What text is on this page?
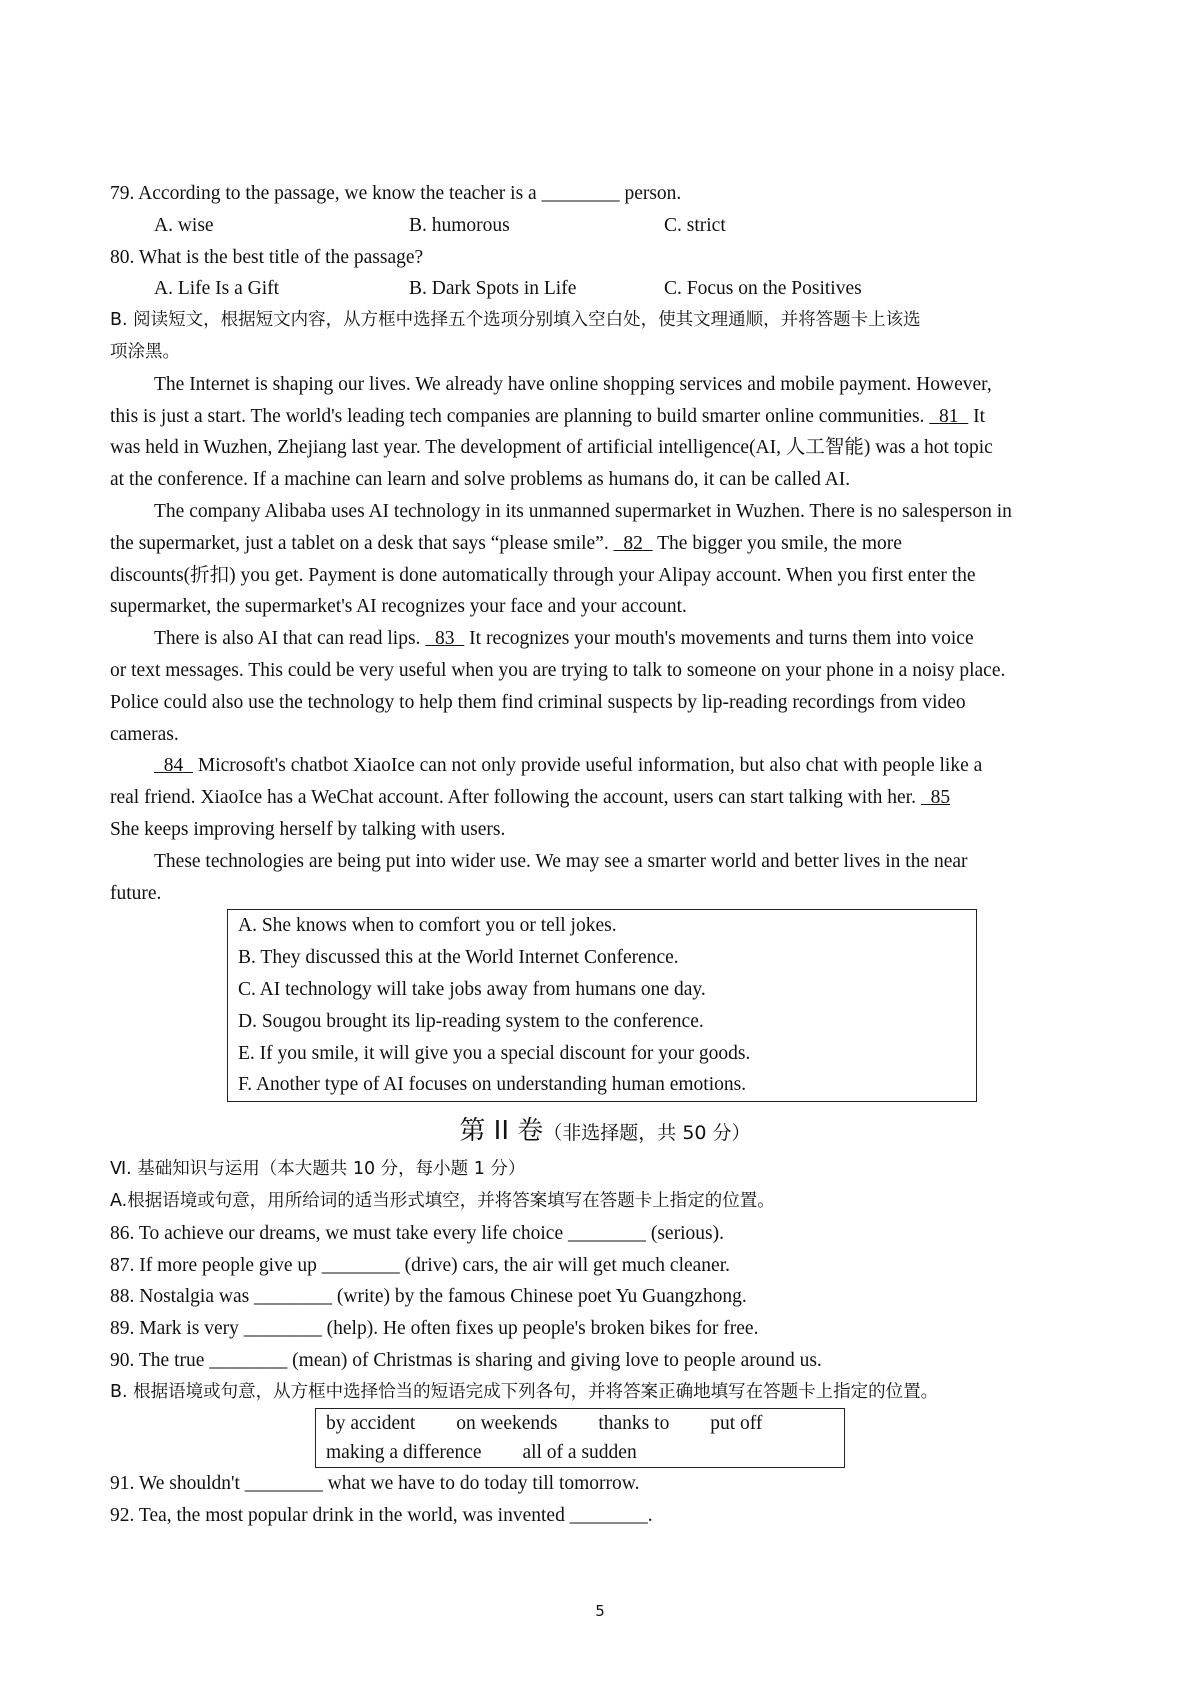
79. According to the passage, we know the teacher is a ________ person.
A. wise	B. humorous	C. strict
80. What is the best title of the passage?
A. Life Is a Gift	B. Dark Spots in Life	C. Focus on the Positives
B. 阅读短文，根据短文内容，从方框中选择五个选项分别填入空白处，使其文理通顺，并将答题卡上该选
项涂黑。
The Internet is shaping our lives. We already have online shopping services and mobile payment. However,
this is just a start. The world's leading tech companies are planning to build smarter online communities. 81 It
was held in Wuzhen, Zhejiang last year. The development of artificial intelligence(AI, 人工智能) was a hot topic
at the conference. If a machine can learn and solve problems as humans do, it can be called AI.
The company Alibaba uses AI technology in its unmanned supermarket in Wuzhen. There is no salesperson in
the supermarket, just a tablet on a desk that says “please smile”. 82 The bigger you smile, the more
discounts(折扣) you get. Payment is done automatically through your Alipay account. When you first enter the
supermarket, the supermarket's AI recognizes your face and your account.
There is also AI that can read lips. 83 It recognizes your mouth's movements and turns them into voice
or text messages. This could be very useful when you are trying to talk to someone on your phone in a noisy place.
Police could also use the technology to help them find criminal suspects by lip-reading recordings from video
cameras.
84 Microsoft's chatbot XiaoIce can not only provide useful information, but also chat with people like a
real friend. XiaoIce has a WeChat account. After following the account, users can start talking with her. 85
She keeps improving herself by talking with users.
These technologies are being put into wider use. We may see a smarter world and better lives in the near
future.
A. She knows when to comfort you or tell jokes.
B. They discussed this at the World Internet Conference.
C. AI technology will take jobs away from humans one day.
D. Sougou brought its lip-reading system to the conference.
E. If you smile, it will give you a special discount for your goods.
F. Another type of AI focuses on understanding human emotions.
第 II 卷（非选择题，共 50 分）
Ⅵ. 基础知识与运用（本大题共 10 分，每小题 1 分）
A.根据语境或句意，用所给词的适当形式填空，并将答案填写在答题卡上指定的位置。
86. To achieve our dreams, we must take every life choice ________ (serious).
87. If more people give up ________ (drive) cars, the air will get much cleaner.
88. Nostalgia was ________ (write) by the famous Chinese poet Yu Guangzhong.
89. Mark is very ________ (help). He often fixes up people's broken bikes for free.
90. The true ________ (mean) of Christmas is sharing and giving love to people around us.
B. 根据语境或句意，从方框中选择恰当的短语完成下列各句，并将答案正确地填写在答题卡上指定的位置。
by accident on weekends thanks to put off
making a difference all of a sudden
91. We shouldn't ________ what we have to do today till tomorrow.
92. Tea, the most popular drink in the world, was invented ________.
5
